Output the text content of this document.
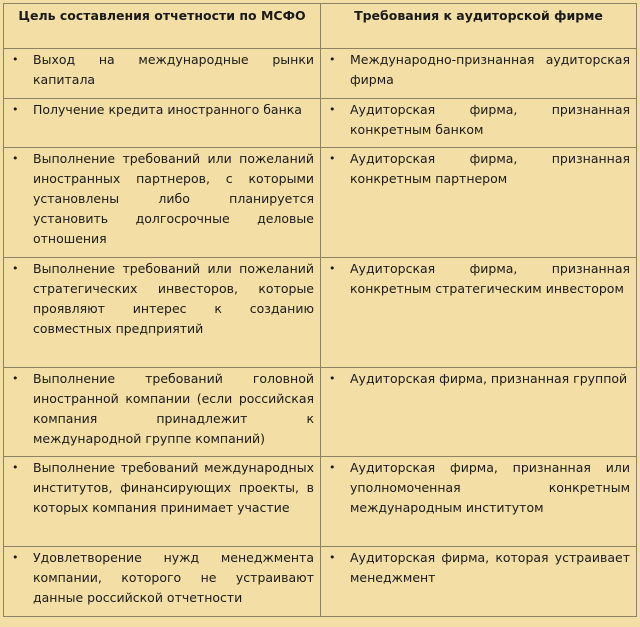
Цель составления отчетности по МСФО	Требования к аудиторской фирме

• Выход на международные рынки капитала	• Международно-признанная аудиторская фирма

• Получение кредита иностранного банка	• Аудиторская фирма, признанная конкретным банком

• Выполнение требований или пожеланий иностранных партнеров, с которыми установлены либо планируется установить долгосрочные деловые отношения	• Аудиторская фирма, признанная конкретным партнером

• Выполнение требований или пожеланий стратегических инвесторов, которые проявляют интерес к созданию совместных предприятий	• Аудиторская фирма, признанная конкретным стратегическим инвестором

• Выполнение требований головной иностранной компании (если российская компания принадлежит к международной группе компаний)	• Аудиторская фирма, признанная группой

• Выполнение требований международных институтов, финансирующих проекты, в которых компания принимает участие	• Аудиторская фирма, признанная или уполномоченная конкретным международным институтом

• Удовлетворение нужд менеджмента компании, которого не устраивают данные российской отчетности	• Аудиторская фирма, которая устраивает менеджмент
